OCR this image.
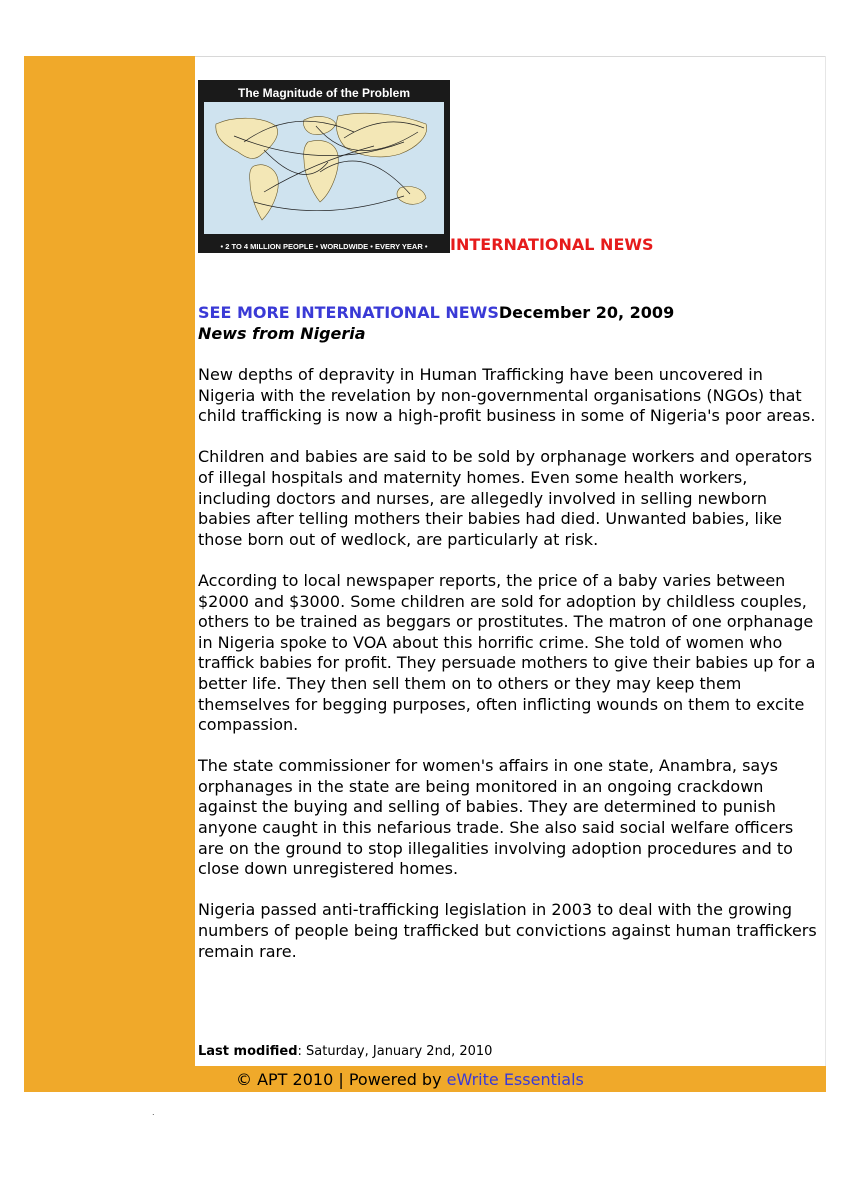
The Magnitude of the Problem
• 2 TO 4 MILLION PEOPLE • WORLDWIDE • EVERY YEAR •	INTERNATIONAL NEWS
SEE MORE INTERNATIONAL NEWSDecember 20, 2009
News from Nigeria

New depths of depravity in Human Trafficking have been uncovered in Nigeria with the revelation by non-governmental organisations (NGOs) that child trafficking is now a high-profit business in some of Nigeria's poor areas.

Children and babies are said to be sold by orphanage workers and operators of illegal hospitals and maternity homes. Even some health workers, including doctors and nurses, are allegedly involved in selling newborn babies after telling mothers their babies had died. Unwanted babies, like those born out of wedlock, are particularly at risk.

According to local newspaper reports, the price of a baby varies between $2000 and $3000. Some children are sold for adoption by childless couples, others to be trained as beggars or prostitutes. The matron of one orphanage in Nigeria spoke to VOA about this horrific crime. She told of women who traffick babies for profit. They persuade mothers to give their babies up for a better life. They then sell them on to others or they may keep them themselves for begging purposes, often inflicting wounds on them to excite compassion.

The state commissioner for women's affairs in one state, Anambra, says orphanages in the state are being monitored in an ongoing crackdown against the buying and selling of babies. They are determined to punish anyone caught in this nefarious trade. She also said social welfare officers are on the ground to stop illegalities involving adoption procedures and to close down unregistered homes.

Nigeria passed anti-trafficking legislation in 2003 to deal with the growing numbers of people being trafficked but convictions against human traffickers remain rare.

Last modified: Saturday, January 2nd, 2010
© APT 2010 | Powered by eWrite Essentials
.
